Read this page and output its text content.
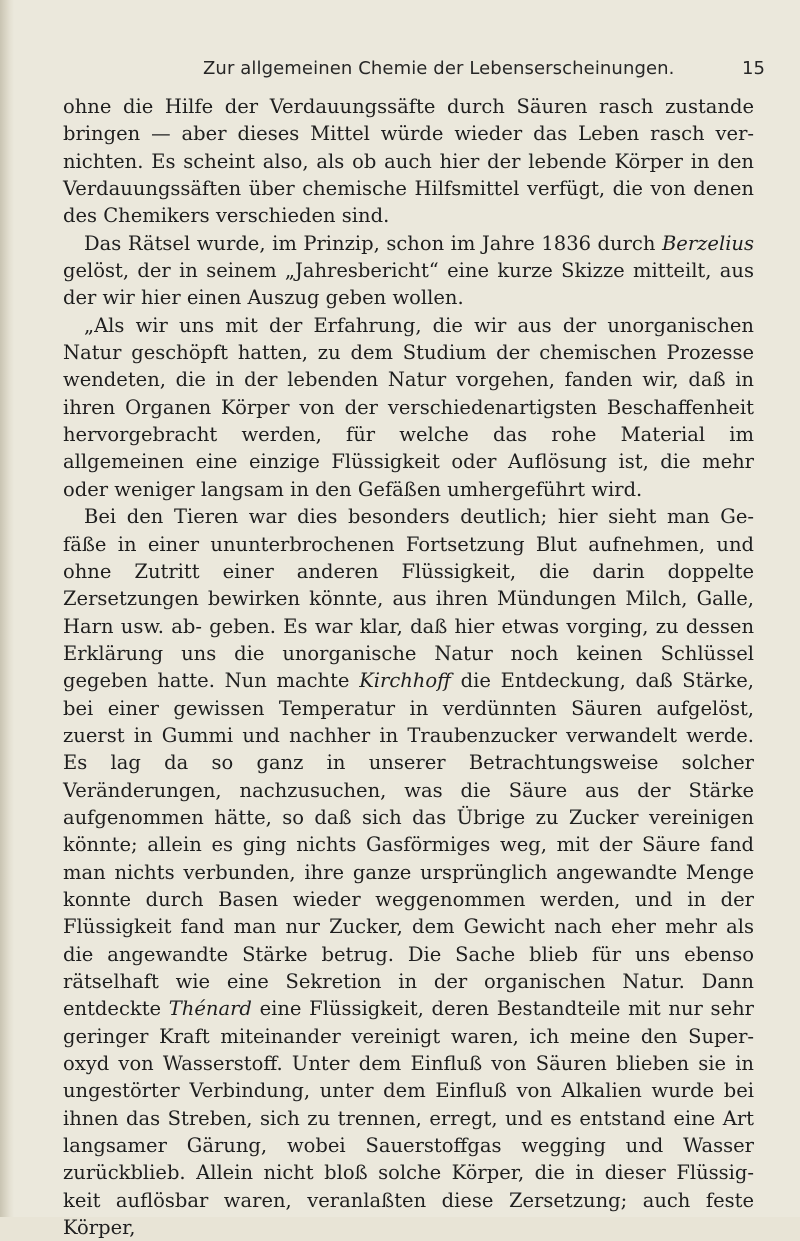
Zur allgemeinen Chemie der Lebenserscheinungen.	15

ohne die Hilfe der Verdauungssäfte durch Säuren rasch zustande bringen — aber dieses Mittel würde wieder das Leben rasch ver- nichten. Es scheint also, als ob auch hier der lebende Körper in den Verdauungssäften über chemische Hilfsmittel verfügt, die von denen des Chemikers verschieden sind.

Das Rätsel wurde, im Prinzip, schon im Jahre 1836 durch Berzelius gelöst, der in seinem „Jahresbericht“ eine kurze Skizze mitteilt, aus der wir hier einen Auszug geben wollen.

„Als wir uns mit der Erfahrung, die wir aus der unorganischen Natur geschöpft hatten, zu dem Studium der chemischen Prozesse wendeten, die in der lebenden Natur vorgehen, fanden wir, daß in ihren Organen Körper von der verschiedenartigsten Beschaffenheit hervorgebracht werden, für welche das rohe Material im allgemeinen eine einzige Flüssigkeit oder Auflösung ist, die mehr oder weniger langsam in den Gefäßen umhergeführt wird.

Bei den Tieren war dies besonders deutlich; hier sieht man Ge- fäße in einer ununterbrochenen Fortsetzung Blut aufnehmen, und ohne Zutritt einer anderen Flüssigkeit, die darin doppelte Zersetzungen bewirken könnte, aus ihren Mündungen Milch, Galle, Harn usw. ab- geben. Es war klar, daß hier etwas vorging, zu dessen Erklärung uns die unorganische Natur noch keinen Schlüssel gegeben hatte. Nun machte Kirchhoff die Entdeckung, daß Stärke, bei einer gewissen Temperatur in verdünnten Säuren aufgelöst, zuerst in Gummi und nachher in Traubenzucker verwandelt werde. Es lag da so ganz in unserer Betrachtungsweise solcher Veränderungen, nachzusuchen, was die Säure aus der Stärke aufgenommen hätte, so daß sich das Übrige zu Zucker vereinigen könnte; allein es ging nichts Gasförmiges weg, mit der Säure fand man nichts verbunden, ihre ganze ursprünglich angewandte Menge konnte durch Basen wieder weggenommen werden, und in der Flüssigkeit fand man nur Zucker, dem Gewicht nach eher mehr als die angewandte Stärke betrug. Die Sache blieb für uns ebenso rätselhaft wie eine Sekretion in der organischen Natur. Dann entdeckte Thénard eine Flüssigkeit, deren Bestandteile mit nur sehr geringer Kraft miteinander vereinigt waren, ich meine den Super- oxyd von Wasserstoff. Unter dem Einfluß von Säuren blieben sie in ungestörter Verbindung, unter dem Einfluß von Alkalien wurde bei ihnen das Streben, sich zu trennen, erregt, und es entstand eine Art langsamer Gärung, wobei Sauerstoffgas wegging und Wasser zurückblieb. Allein nicht bloß solche Körper, die in dieser Flüssig- keit auflösbar waren, veranlaßten diese Zersetzung; auch feste Körper,
